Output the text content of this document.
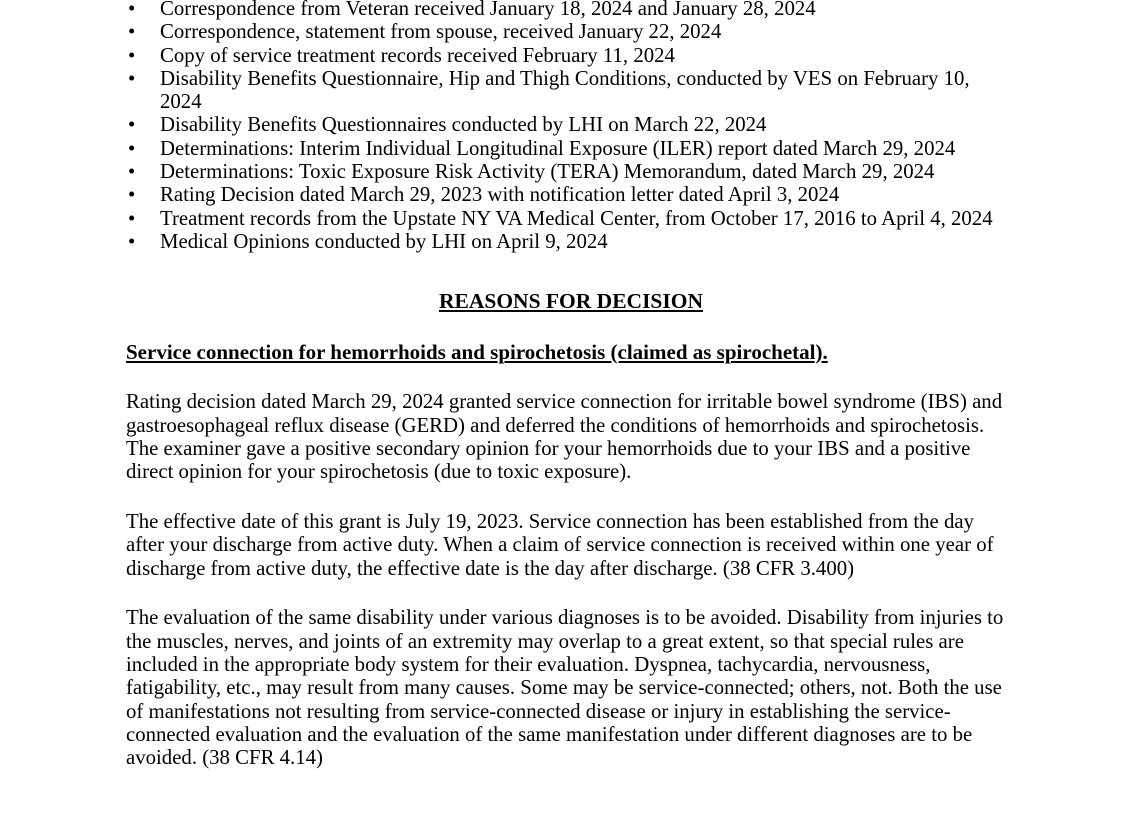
• Correspondence from Veteran received January 18, 2024 and January 28, 2024
• Correspondence, statement from spouse, received January 22, 2024
• Copy of service treatment records received February 11, 2024
• Disability Benefits Questionnaire, Hip and Thigh Conditions, conducted by VES on February 10, 2024
• Disability Benefits Questionnaires conducted by LHI on March 22, 2024
• Determinations: Interim Individual Longitudinal Exposure (ILER) report dated March 29, 2024
• Determinations: Toxic Exposure Risk Activity (TERA) Memorandum, dated March 29, 2024
• Rating Decision dated March 29, 2023 with notification letter dated April 3, 2024
• Treatment records from the Upstate NY VA Medical Center, from October 17, 2016 to April 4, 2024
• Medical Opinions conducted by LHI on April 9, 2024
REASONS FOR DECISION
Service connection for hemorrhoids and spirochetosis (claimed as spirochetal).

Rating decision dated March 29, 2024 granted service connection for irritable bowel syndrome (IBS) and gastroesophageal reflux disease (GERD) and deferred the conditions of hemorrhoids and spirochetosis. The examiner gave a positive secondary opinion for your hemorrhoids due to your IBS and a positive direct opinion for your spirochetosis (due to toxic exposure).

The effective date of this grant is July 19, 2023. Service connection has been established from the day after your discharge from active duty. When a claim of service connection is received within one year of discharge from active duty, the effective date is the day after discharge. (38 CFR 3.400)

The evaluation of the same disability under various diagnoses is to be avoided. Disability from injuries to the muscles, nerves, and joints of an extremity may overlap to a great extent, so that special rules are included in the appropriate body system for their evaluation. Dyspnea, tachycardia, nervousness, fatigability, etc., may result from many causes. Some may be service-connected; others, not. Both the use of manifestations not resulting from service-connected disease or injury in establishing the service-connected evaluation and the evaluation of the same manifestation under different diagnoses are to be avoided. (38 CFR 4.14)
